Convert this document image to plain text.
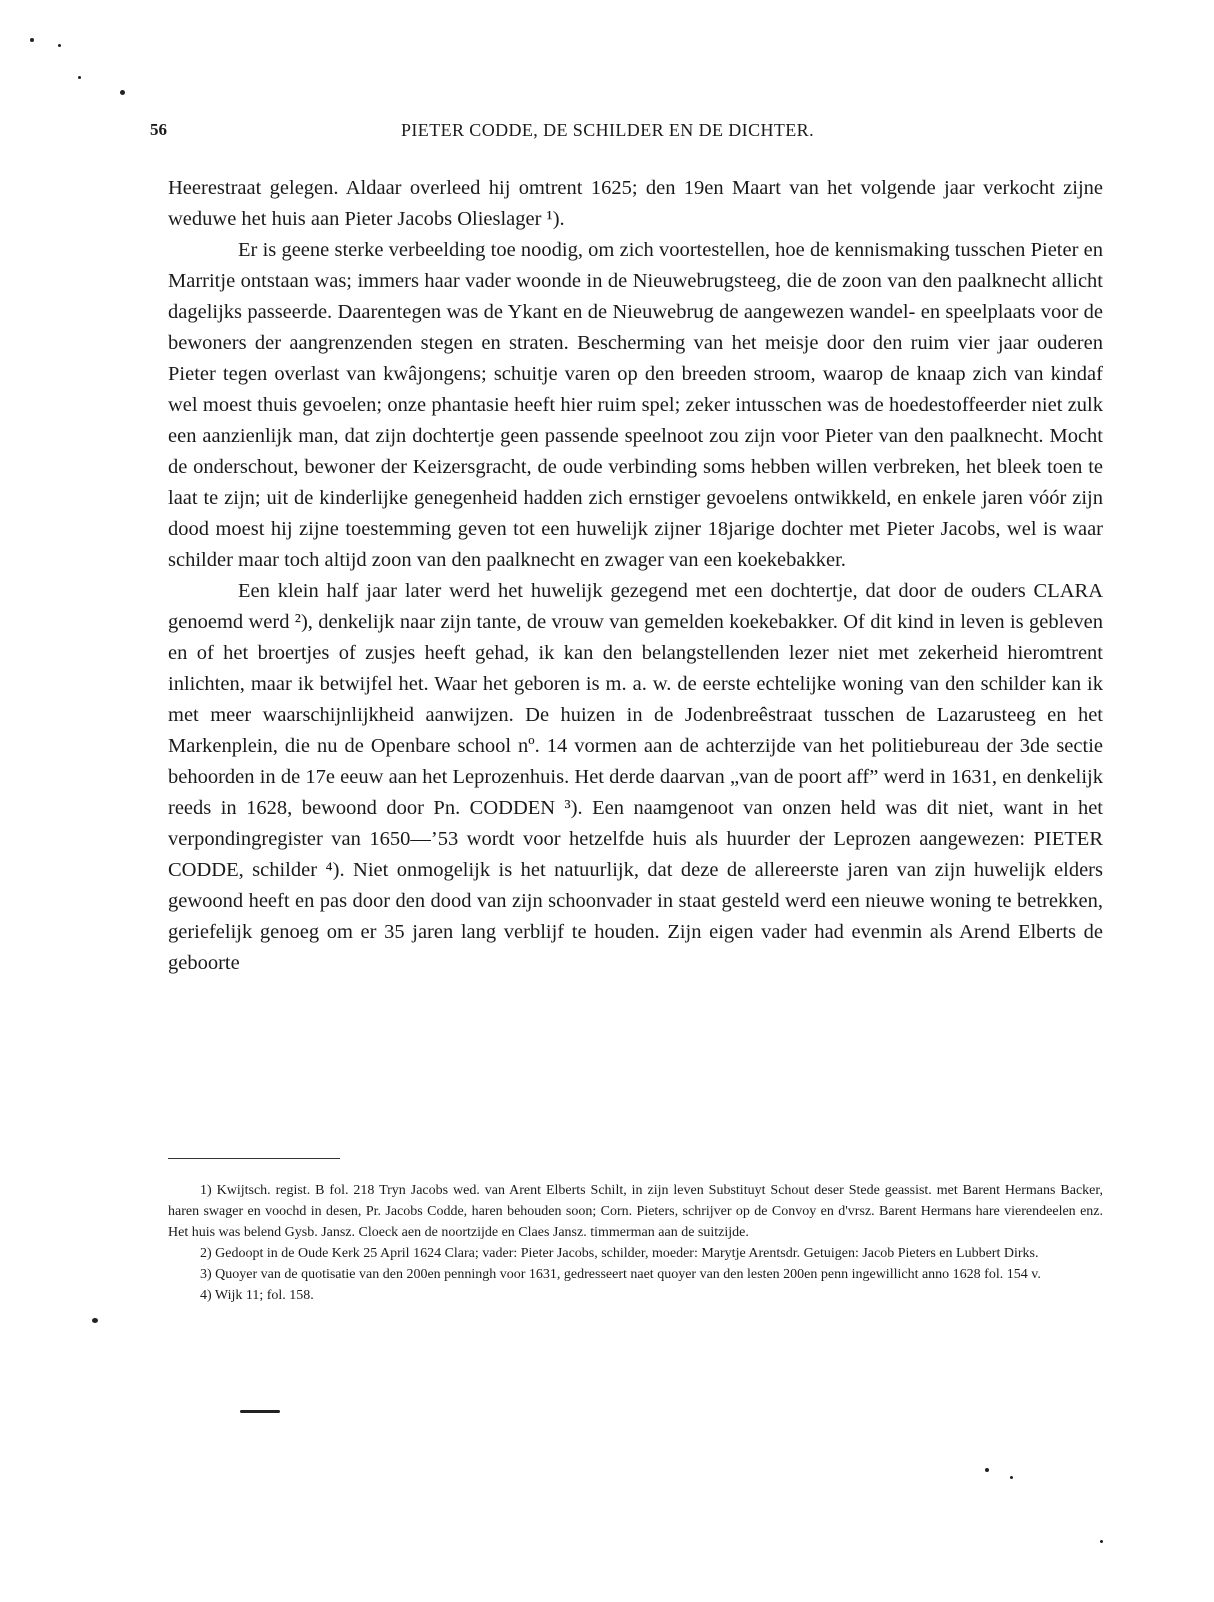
56	PIETER CODDE, DE SCHILDER EN DE DICHTER.

Heerestraat gelegen. Aldaar overleed hij omtrent 1625; den 19en Maart van het volgende jaar verkocht zijne weduwe het huis aan Pieter Jacobs Olieslager ¹).

Er is geene sterke verbeelding toe noodig, om zich voortestellen, hoe de kennismaking tusschen Pieter en Marritje ontstaan was; immers haar vader woonde in de Nieuwebrugsteeg, die de zoon van den paalknecht allicht dagelijks passeerde. Daarentegen was de Ykant en de Nieuwebrug de aangewezen wandel- en speelplaats voor de bewoners der aangrenzenden stegen en straten. Bescherming van het meisje door den ruim vier jaar ouderen Pieter tegen overlast van kwâjongens; schuitje varen op den breeden stroom, waarop de knaap zich van kindaf wel moest thuis gevoelen; onze phantasie heeft hier ruim spel; zeker intusschen was de hoedestoffeerder niet zulk een aanzienlijk man, dat zijn dochtertje geen passende speelnoot zou zijn voor Pieter van den paalknecht. Mocht de onderschout, bewoner der Keizersgracht, de oude verbinding soms hebben willen verbreken, het bleek toen te laat te zijn; uit de kinderlijke genegenheid hadden zich ernstiger gevoelens ontwikkeld, en enkele jaren vóór zijn dood moest hij zijne toestemming geven tot een huwelijk zijner 18jarige dochter met Pieter Jacobs, wel is waar schilder maar toch altijd zoon van den paalknecht en zwager van een koekebakker.

Een klein half jaar later werd het huwelijk gezegend met een dochtertje, dat door de ouders CLARA genoemd werd ²), denkelijk naar zijn tante, de vrouw van gemelden koekebakker. Of dit kind in leven is gebleven en of het broertjes of zusjes heeft gehad, ik kan den belangstellenden lezer niet met zekerheid hieromtrent inlichten, maar ik betwijfel het. Waar het geboren is m. a. w. de eerste echtelijke woning van den schilder kan ik met meer waarschijnlijkheid aanwijzen. De huizen in de Jodenbreêstraat tusschen de Lazarusteeg en het Markenplein, die nu de Openbare school nº. 14 vormen aan de achterzijde van het politiebureau der 3de sectie behoorden in de 17e eeuw aan het Leprozenhuis. Het derde daarvan „van de poort aff” werd in 1631, en denkelijk reeds in 1628, bewoond door Pn. CODDEN ³). Een naamgenoot van onzen held was dit niet, want in het verpondingregister van 1650—’53 wordt voor hetzelfde huis als huurder der Leprozen aangewezen: PIETER CODDE, schilder ⁴). Niet onmogelijk is het natuurlijk, dat deze de allereerste jaren van zijn huwelijk elders gewoond heeft en pas door den dood van zijn schoonvader in staat gesteld werd een nieuwe woning te betrekken, geriefelijk genoeg om er 35 jaren lang verblijf te houden. Zijn eigen vader had evenmin als Arend Elberts de geboorte

1) Kwijtsch. regist. B fol. 218 Tryn Jacobs wed. van Arent Elberts Schilt, in zijn leven Substituyt Schout deser Stede geassist. met Barent Hermans Backer, haren swager en voochd in desen, Pr. Jacobs Codde, haren behouden soon; Corn. Pieters, schrijver op de Convoy en d'vrsz. Barent Hermans hare vierendeelen enz. Het huis was belend Gysb. Jansz. Cloeck aen de noortzijde en Claes Jansz. timmerman aan de suitzijde.

2) Gedoopt in de Oude Kerk 25 April 1624 Clara; vader: Pieter Jacobs, schilder, moeder: Marytje Arentsdr. Getuigen: Jacob Pieters en Lubbert Dirks.

3) Quoyer van de quotisatie van den 200en penningh voor 1631, gedresseert naet quoyer van den lesten 200en penn ingewillicht anno 1628 fol. 154 v.

4) Wijk 11; fol. 158.
